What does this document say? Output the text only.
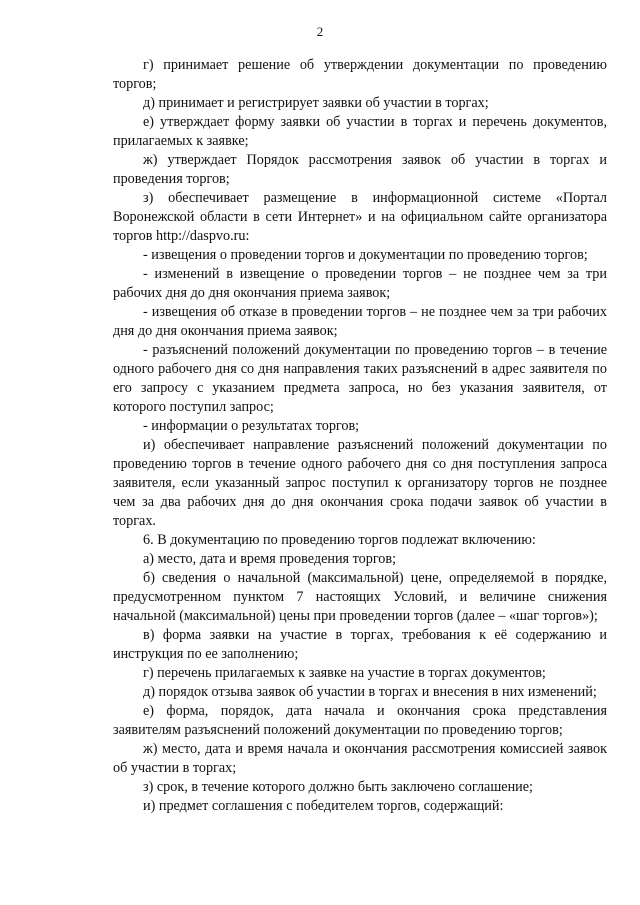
2

г) принимает решение об утверждении документации по проведению торгов;

д) принимает и регистрирует заявки об участии в торгах;

е) утверждает форму заявки об участии в торгах и перечень документов, прилагаемых к заявке;

ж) утверждает Порядок рассмотрения заявок об участии в торгах и проведения торгов;

з) обеспечивает размещение в информационной системе «Портал Воронежской области в сети Интернет» и на официальном сайте организатора торгов http://daspvo.ru:

- извещения о проведении торгов и документации по проведению торгов;

- изменений в извещение о проведении торгов – не позднее чем за три рабочих дня до дня окончания приема заявок;

- извещения об отказе в проведении торгов – не позднее чем за три рабочих дня до дня окончания приема заявок;

- разъяснений положений документации по проведению торгов – в течение одного рабочего дня со дня направления таких разъяснений в адрес заявителя по его запросу с указанием предмета запроса, но без указания заявителя, от которого поступил запрос;

- информации о результатах торгов;

и) обеспечивает направление разъяснений положений документации по проведению торгов в течение одного рабочего дня со дня поступления запроса заявителя, если указанный запрос поступил к организатору торгов не позднее чем за два рабочих дня до дня окончания срока подачи заявок об участии в торгах.

6. В документацию по проведению торгов подлежат включению:

а) место, дата и время проведения торгов;

б) сведения о начальной (максимальной) цене, определяемой в порядке, предусмотренном пунктом 7 настоящих Условий, и величине снижения начальной (максимальной) цены при проведении торгов (далее – «шаг торгов»);

в) форма заявки на участие в торгах, требования к её содержанию и инструкция по ее заполнению;

г) перечень прилагаемых к заявке на участие в торгах документов;

д) порядок отзыва заявок об участии в торгах и внесения в них изменений;

е) форма, порядок, дата начала и окончания срока представления заявителям разъяснений положений документации по проведению торгов;

ж) место, дата и время начала и окончания рассмотрения комиссией заявок об участии в торгах;

з) срок, в течение которого должно быть заключено соглашение;

и) предмет соглашения с победителем торгов, содержащий:
